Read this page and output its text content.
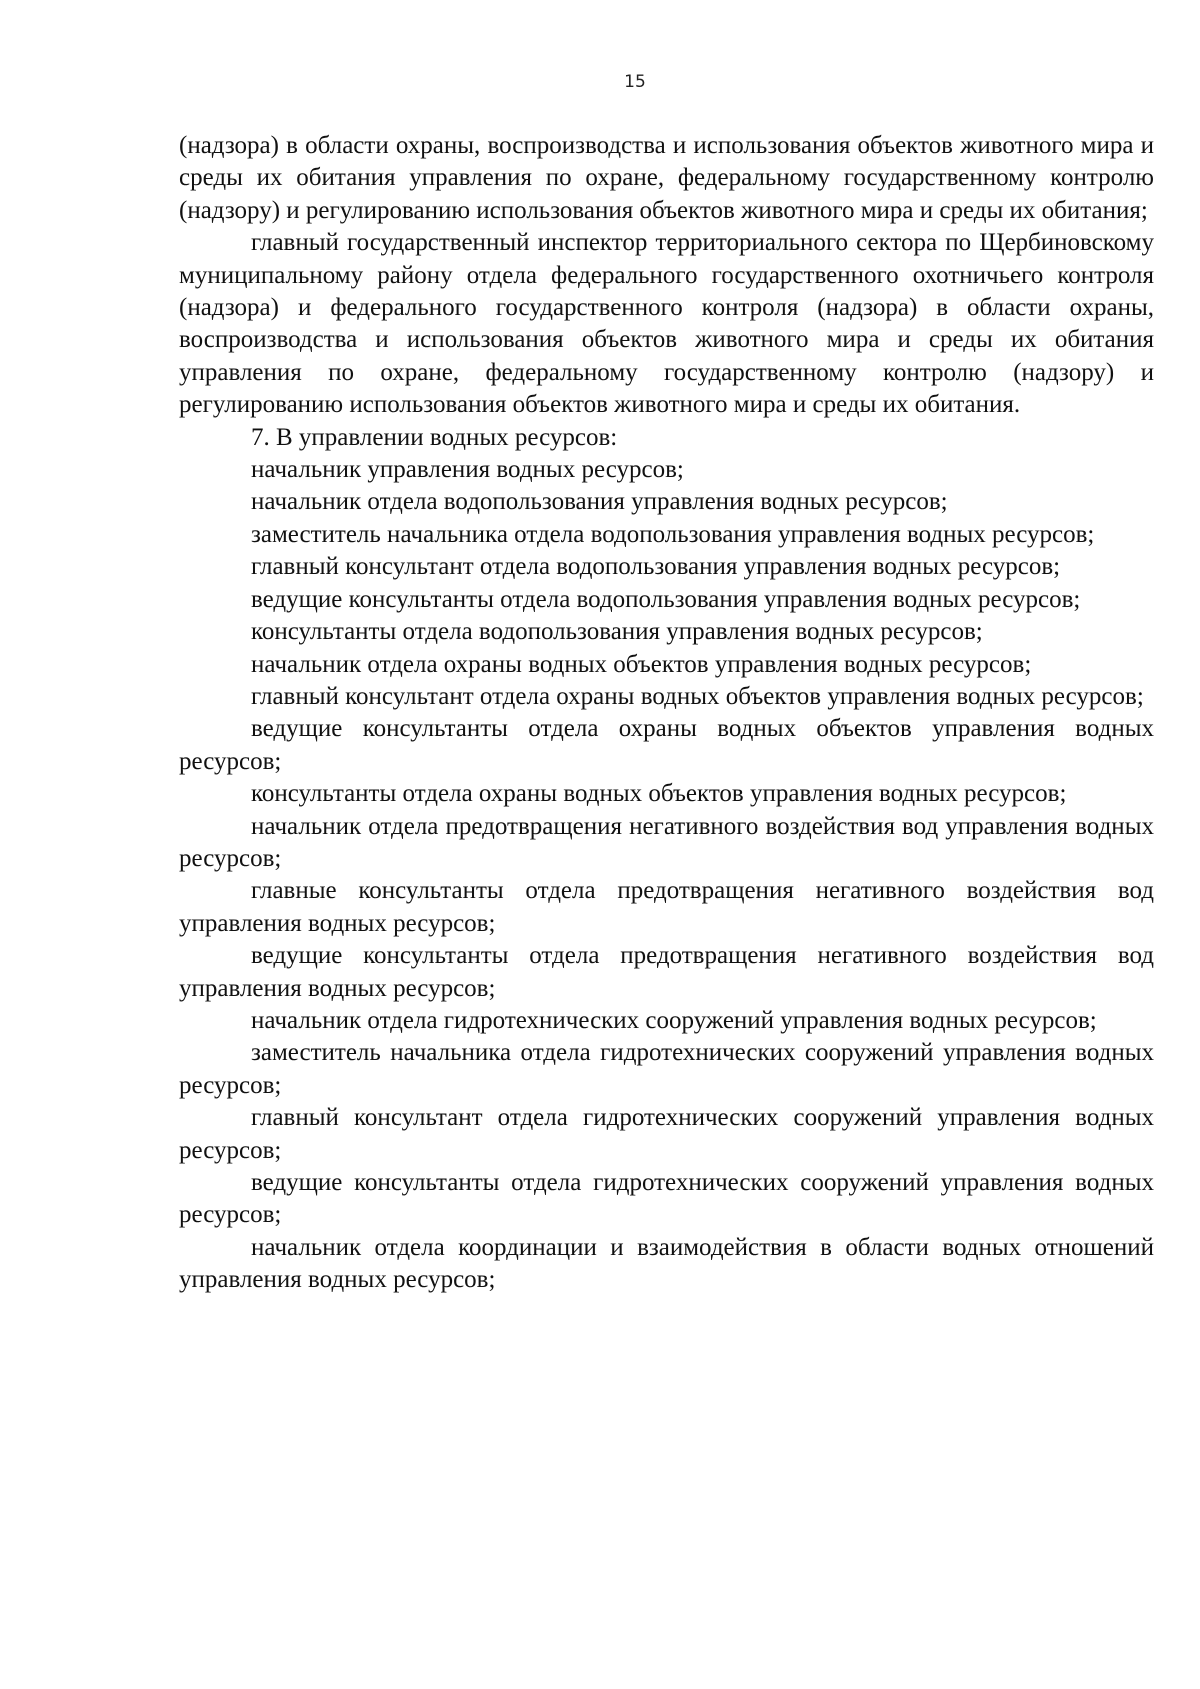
15

(надзора) в области охраны, воспроизводства и использования объектов животного мира и среды их обитания управления по охране, федеральному государственному контролю (надзору) и регулированию использования объектов животного мира и среды их обитания;

главный государственный инспектор территориального сектора по Щербиновскому муниципальному району отдела федерального государственного охотничьего контроля (надзора) и федерального государственного контроля (надзора) в области охраны, воспроизводства и использования объектов животного мира и среды их обитания управления по охране, федеральному государственному контролю (надзору) и регулированию использования объектов животного мира и среды их обитания.

7. В управлении водных ресурсов:

начальник управления водных ресурсов;

начальник отдела водопользования управления водных ресурсов;

заместитель начальника отдела водопользования управления водных ресурсов;

главный консультант отдела водопользования управления водных ресурсов;

ведущие консультанты отдела водопользования управления водных ресурсов;

консультанты отдела водопользования управления водных ресурсов;

начальник отдела охраны водных объектов управления водных ресурсов;

главный консультант отдела охраны водных объектов управления водных ресурсов;

ведущие консультанты отдела охраны водных объектов управления водных ресурсов;

консультанты отдела охраны водных объектов управления водных ресурсов;

начальник отдела предотвращения негативного воздействия вод управления водных ресурсов;

главные консультанты отдела предотвращения негативного воздействия вод управления водных ресурсов;

ведущие консультанты отдела предотвращения негативного воздействия вод управления водных ресурсов;

начальник отдела гидротехнических сооружений управления водных ресурсов;

заместитель начальника отдела гидротехнических сооружений управления водных ресурсов;

главный консультант отдела гидротехнических сооружений управления водных ресурсов;

ведущие консультанты отдела гидротехнических сооружений управления водных ресурсов;

начальник отдела координации и взаимодействия в области водных отношений управления водных ресурсов;
